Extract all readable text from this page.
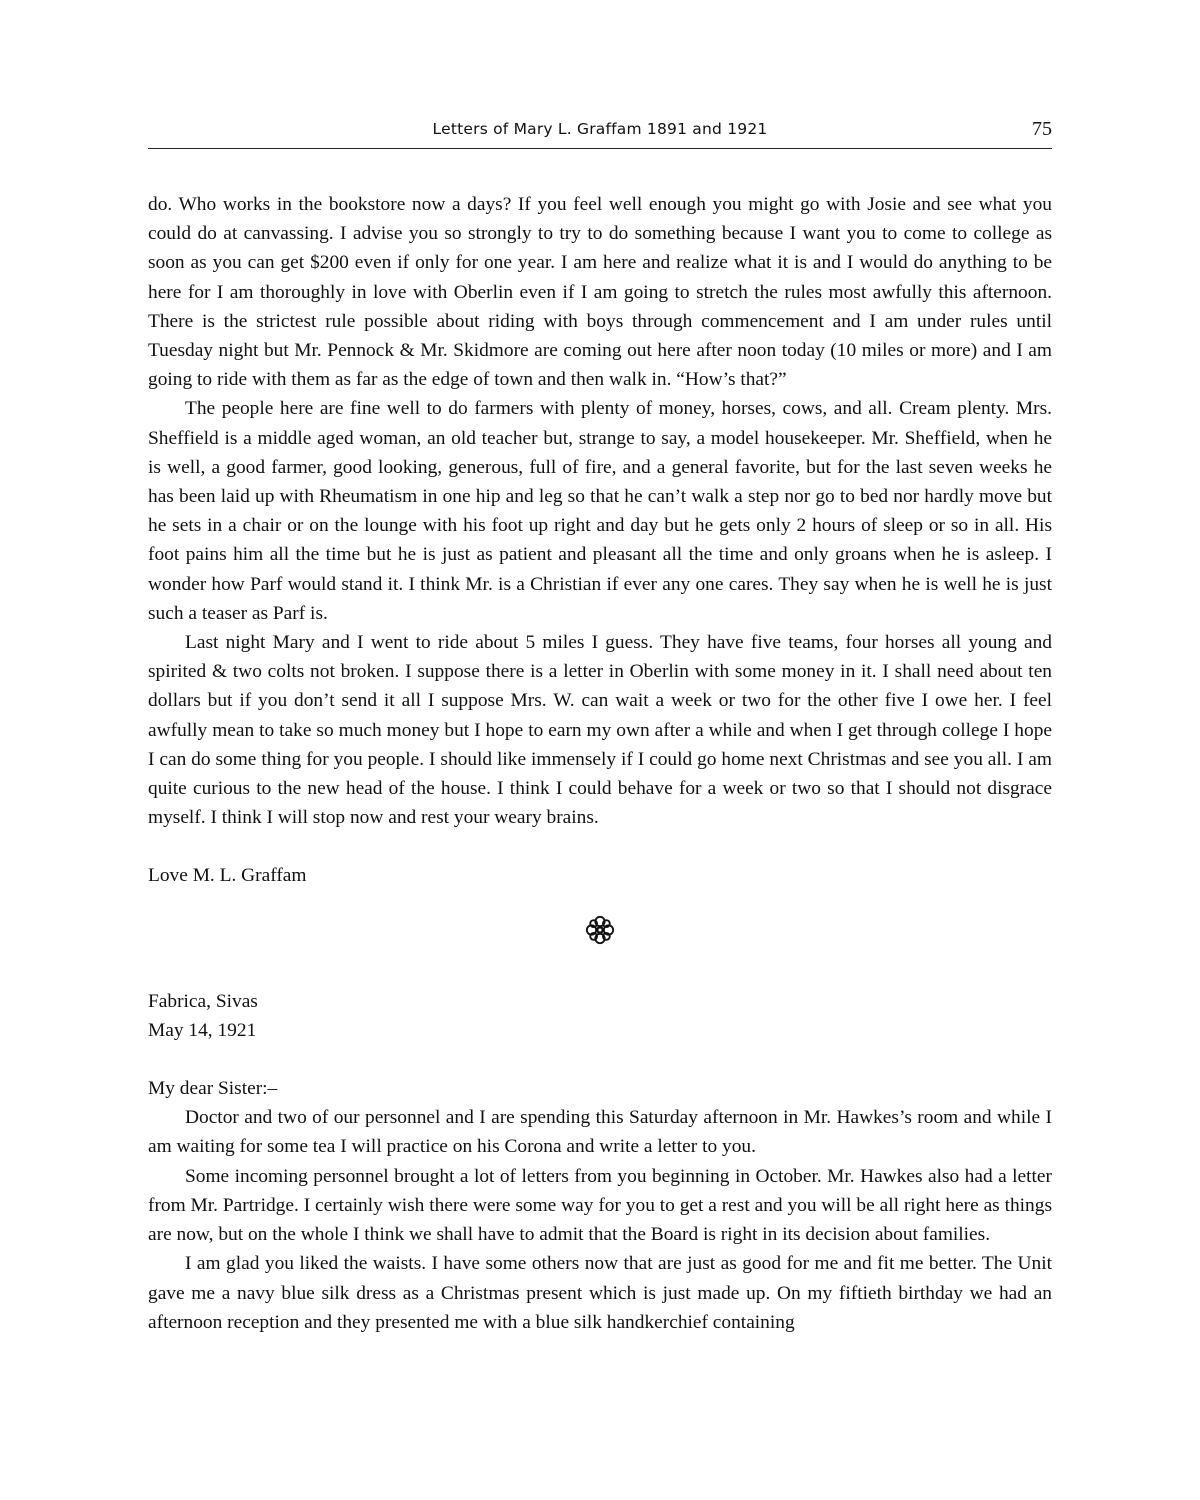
Letters of Mary L. Graffam 1891 and 1921	75

do. Who works in the bookstore now a days? If you feel well enough you might go with Josie and see what you could do at canvassing. I advise you so strongly to try to do something because I want you to come to college as soon as you can get $200 even if only for one year. I am here and realize what it is and I would do anything to be here for I am thoroughly in love with Oberlin even if I am going to stretch the rules most awfully this afternoon. There is the strictest rule possible about riding with boys through commencement and I am under rules until Tuesday night but Mr. Pennock & Mr. Skidmore are coming out here after noon today (10 miles or more) and I am going to ride with them as far as the edge of town and then walk in. “How’s that?”

The people here are fine well to do farmers with plenty of money, horses, cows, and all. Cream plenty. Mrs. Sheffield is a middle aged woman, an old teacher but, strange to say, a model housekeeper. Mr. Sheffield, when he is well, a good farmer, good looking, generous, full of fire, and a general favorite, but for the last seven weeks he has been laid up with Rheumatism in one hip and leg so that he can’t walk a step nor go to bed nor hardly move but he sets in a chair or on the lounge with his foot up right and day but he gets only 2 hours of sleep or so in all. His foot pains him all the time but he is just as patient and pleasant all the time and only groans when he is asleep. I wonder how Parf would stand it. I think Mr. is a Christian if ever any one cares. They say when he is well he is just such a teaser as Parf is.

Last night Mary and I went to ride about 5 miles I guess. They have five teams, four horses all young and spirited & two colts not broken. I suppose there is a letter in Oberlin with some money in it. I shall need about ten dollars but if you don’t send it all I suppose Mrs. W. can wait a week or two for the other five I owe her. I feel awfully mean to take so much money but I hope to earn my own after a while and when I get through college I hope I can do some thing for you people. I should like immensely if I could go home next Christmas and see you all. I am quite curious to the new head of the house. I think I could behave for a week or two so that I should not disgrace myself. I think I will stop now and rest your weary brains.

Love M. L. Graffam

Fabrica, Sivas

May 14, 1921

My dear Sister:–

Doctor and two of our personnel and I are spending this Saturday afternoon in Mr. Hawkes’s room and while I am waiting for some tea I will practice on his Corona and write a letter to you.

Some incoming personnel brought a lot of letters from you beginning in October. Mr. Hawkes also had a letter from Mr. Partridge. I certainly wish there were some way for you to get a rest and you will be all right here as things are now, but on the whole I think we shall have to admit that the Board is right in its decision about families.

I am glad you liked the waists. I have some others now that are just as good for me and fit me better. The Unit gave me a navy blue silk dress as a Christmas present which is just made up. On my fiftieth birthday we had an afternoon reception and they presented me with a blue silk handkerchief containing
